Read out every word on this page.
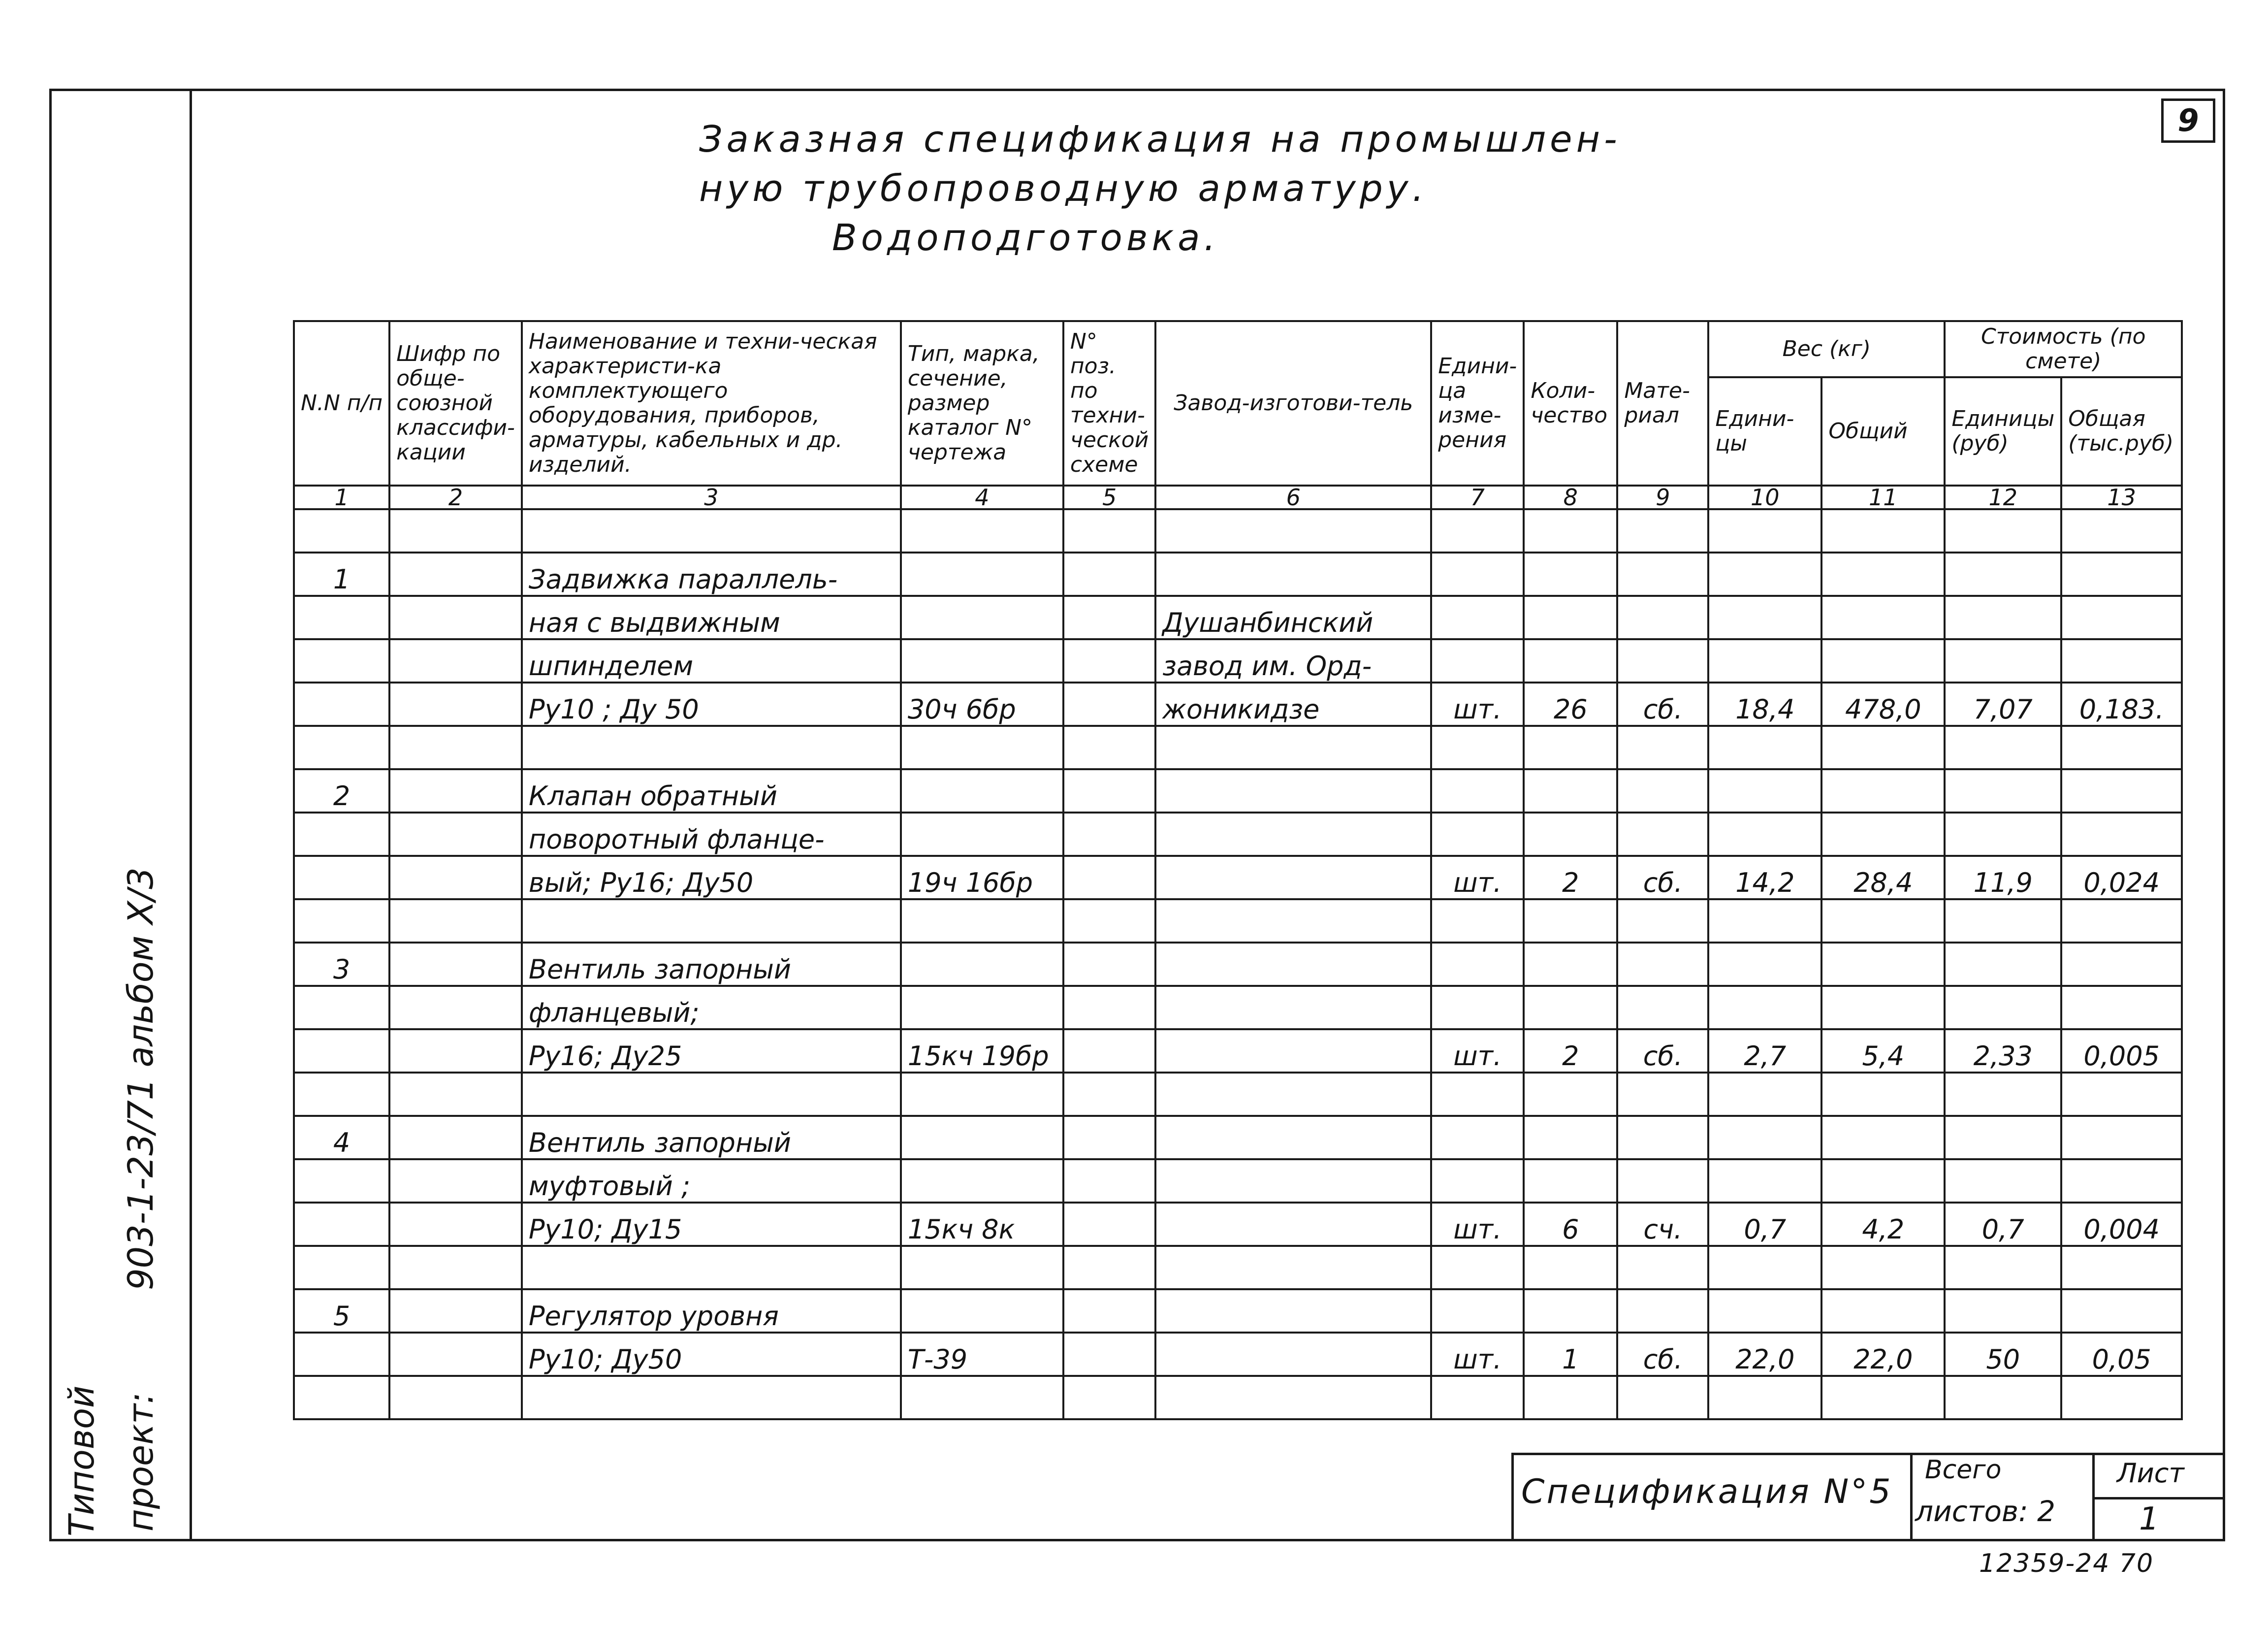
9
Заказная спецификация на промышлен-
ную трубопроводную арматуру.
Водоподготовка.
Типовой
903-1-23/71 альбом X/3
проект:
N.N п/п	Шифр по обще-союзной классифи-кации	Наименование и техни-ческая характеристи-ка комплектующего оборудования, приборов, арматуры, кабельных и др. изделий.	Тип, марка, сечение, размер каталог N° чертежа	N° поз. по техни-ческой схеме	Завод-изготови-тель	Едини-ца изме-рения	Коли-чество	Мате-риал	Вес (кг)		Стоимость (по смете)	
									Едини-цы	Общий	Единицы (руб)	Общая (тыс.руб)
1	2	3	4	5	6	7	8	9	10	11	12	13

1		Задвижка параллель-										
		ная с выдвижным			Душанбинский							
		шпинделем			завод им. Орд-							
		Ру10 ; Ду 50	30ч 6бр		жоникидзе	шт.	26	сб.	18,4	478,0	7,07	0,183.

2		Клапан обратный										
		поворотный фланце-										
		вый; Ру16; Ду50	19ч 16бр			шт.	2	сб.	14,2	28,4	11,9	0,024

3		Вентиль запорный										
		фланцевый;										
		Ру16; Ду25	15кч 19бр			шт.	2	сб.	2,7	5,4	2,33	0,005

4		Вентиль запорный										
		муфтовый ;										
		Ру10; Ду15	15кч 8к			шт.	6	сч.	0,7	4,2	0,7	0,004

5		Регулятор уровня										
		Ру10; Ду50	Т-39			шт.	1	сб.	22,0	22,0	50	0,05

Спецификация N°5
Всего
листов: 2
Лист
1
12359-24 70
